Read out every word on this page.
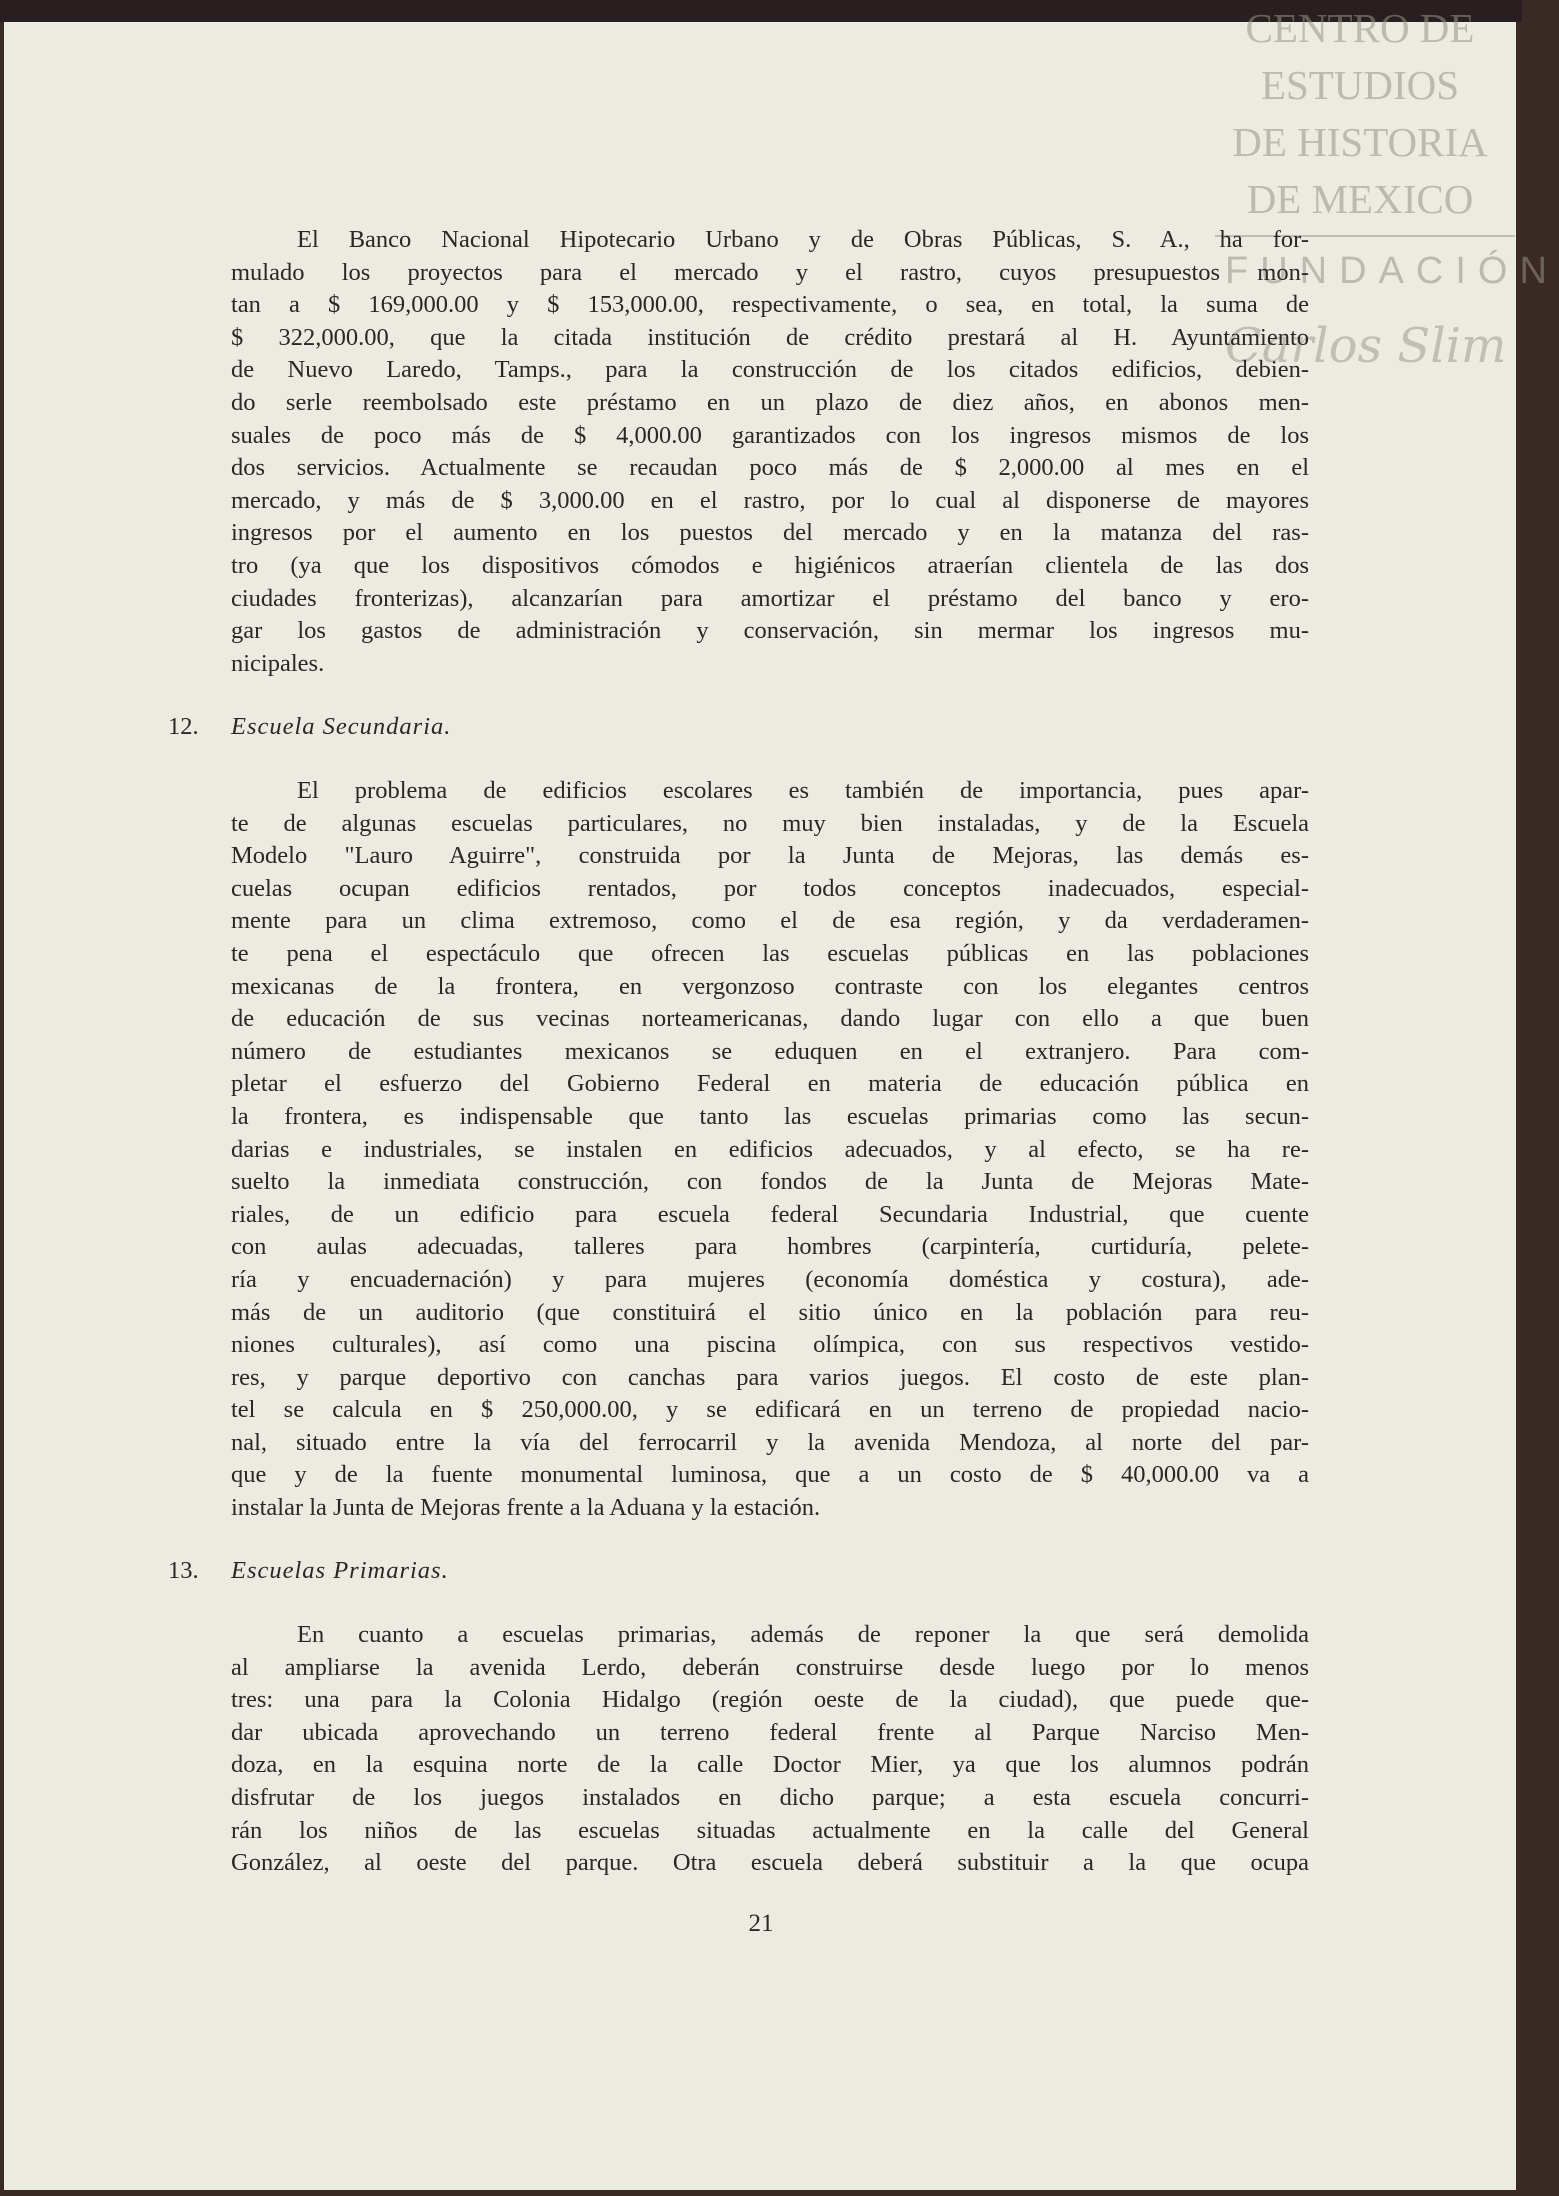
CENTRO DE
ESTUDIOS
DE HISTORIA
DE MEXICO
FUNDACIÓN
Carlos Slim
El Banco Nacional Hipotecario Urbano y de Obras Públicas, S. A., ha for-
mulado los proyectos para el mercado y el rastro, cuyos presupuestos mon-
tan a $ 169,000.00 y $ 153,000.00, respectivamente, o sea, en total, la suma de
$ 322,000.00, que la citada institución de crédito prestará al H. Ayuntamiento
de Nuevo Laredo, Tamps., para la construcción de los citados edificios, debien-
do serle reembolsado este préstamo en un plazo de diez años, en abonos men-
suales de poco más de $ 4,000.00 garantizados con los ingresos mismos de los
dos servicios. Actualmente se recaudan poco más de $ 2,000.00 al mes en el
mercado, y más de $ 3,000.00 en el rastro, por lo cual al disponerse de mayores
ingresos por el aumento en los puestos del mercado y en la matanza del ras-
tro (ya que los dispositivos cómodos e higiénicos atraerían clientela de las dos
ciudades fronterizas), alcanzarían para amortizar el préstamo del banco y ero-
gar los gastos de administración y conservación, sin mermar los ingresos mu-
nicipales.
12. Escuela Secundaria.
El problema de edificios escolares es también de importancia, pues apar-
te de algunas escuelas particulares, no muy bien instaladas, y de la Escuela
Modelo "Lauro Aguirre", construida por la Junta de Mejoras, las demás es-
cuelas ocupan edificios rentados, por todos conceptos inadecuados, especial-
mente para un clima extremoso, como el de esa región, y da verdaderamen-
te pena el espectáculo que ofrecen las escuelas públicas en las poblaciones
mexicanas de la frontera, en vergonzoso contraste con los elegantes centros
de educación de sus vecinas norteamericanas, dando lugar con ello a que buen
número de estudiantes mexicanos se eduquen en el extranjero. Para com-
pletar el esfuerzo del Gobierno Federal en materia de educación pública en
la frontera, es indispensable que tanto las escuelas primarias como las secun-
darias e industriales, se instalen en edificios adecuados, y al efecto, se ha re-
suelto la inmediata construcción, con fondos de la Junta de Mejoras Mate-
riales, de un edificio para escuela federal Secundaria Industrial, que cuente
con aulas adecuadas, talleres para hombres (carpintería, curtiduría, pelete-
ría y encuadernación) y para mujeres (economía doméstica y costura), ade-
más de un auditorio (que constituirá el sitio único en la población para reu-
niones culturales), así como una piscina olímpica, con sus respectivos vestido-
res, y parque deportivo con canchas para varios juegos. El costo de este plan-
tel se calcula en $ 250,000.00, y se edificará en un terreno de propiedad nacio-
nal, situado entre la vía del ferrocarril y la avenida Mendoza, al norte del par-
que y de la fuente monumental luminosa, que a un costo de $ 40,000.00 va a
instalar la Junta de Mejoras frente a la Aduana y la estación.
13. Escuelas Primarias.
En cuanto a escuelas primarias, además de reponer la que será demolida
al ampliarse la avenida Lerdo, deberán construirse desde luego por lo menos
tres: una para la Colonia Hidalgo (región oeste de la ciudad), que puede que-
dar ubicada aprovechando un terreno federal frente al Parque Narciso Men-
doza, en la esquina norte de la calle Doctor Mier, ya que los alumnos podrán
disfrutar de los juegos instalados en dicho parque; a esta escuela concurri-
rán los niños de las escuelas situadas actualmente en la calle del General
González, al oeste del parque. Otra escuela deberá substituir a la que ocupa
21
